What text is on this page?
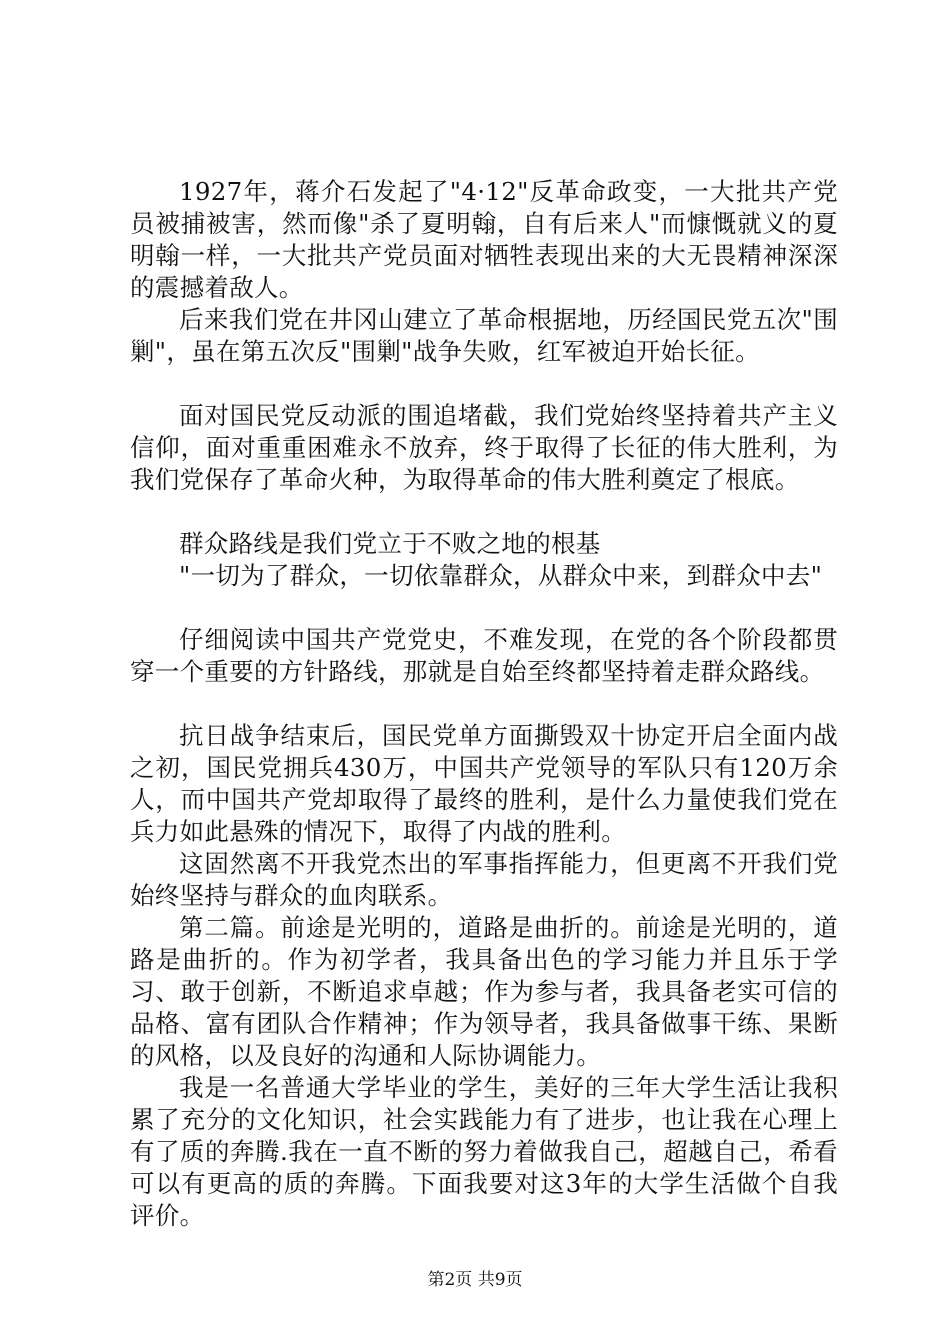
1927年，蒋介石发起了"4·12"反革命政变，一大批共产党员被捕被害，然而像"杀了夏明翰，自有后来人"而慷慨就义的夏明翰一样，一大批共产党员面对牺牲表现出来的大无畏精神深深的震撼着敌人。

后来我们党在井冈山建立了革命根据地，历经国民党五次"围剿"，虽在第五次反"围剿"战争失败，红军被迫开始长征。

面对国民党反动派的围追堵截，我们党始终坚持着共产主义信仰，面对重重困难永不放弃，终于取得了长征的伟大胜利，为我们党保存了革命火种，为取得革命的伟大胜利奠定了根底。

群众路线是我们党立于不败之地的根基

"一切为了群众，一切依靠群众，从群众中来，到群众中去"

仔细阅读中国共产党党史，不难发现，在党的各个阶段都贯穿一个重要的方针路线，那就是自始至终都坚持着走群众路线。

抗日战争结束后，国民党单方面撕毁双十协定开启全面内战之初，国民党拥兵430万，中国共产党领导的军队只有120万余人，而中国共产党却取得了最终的胜利，是什么力量使我们党在兵力如此悬殊的情况下，取得了内战的胜利。

这固然离不开我党杰出的军事指挥能力，但更离不开我们党始终坚持与群众的血肉联系。

第二篇。前途是光明的，道路是曲折的。前途是光明的，道路是曲折的。作为初学者，我具备出色的学习能力并且乐于学习、敢于创新，不断追求卓越；作为参与者，我具备老实可信的品格、富有团队合作精神；作为领导者，我具备做事干练、果断的风格，以及良好的沟通和人际协调能力。

我是一名普通大学毕业的学生，美好的三年大学生活让我积累了充分的文化知识，社会实践能力有了进步，也让我在心理上有了质的奔腾.我在一直不断的努力着做我自己，超越自己，希看可以有更高的质的奔腾。下面我要对这3年的大学生活做个自我评价。

第2页 共9页
